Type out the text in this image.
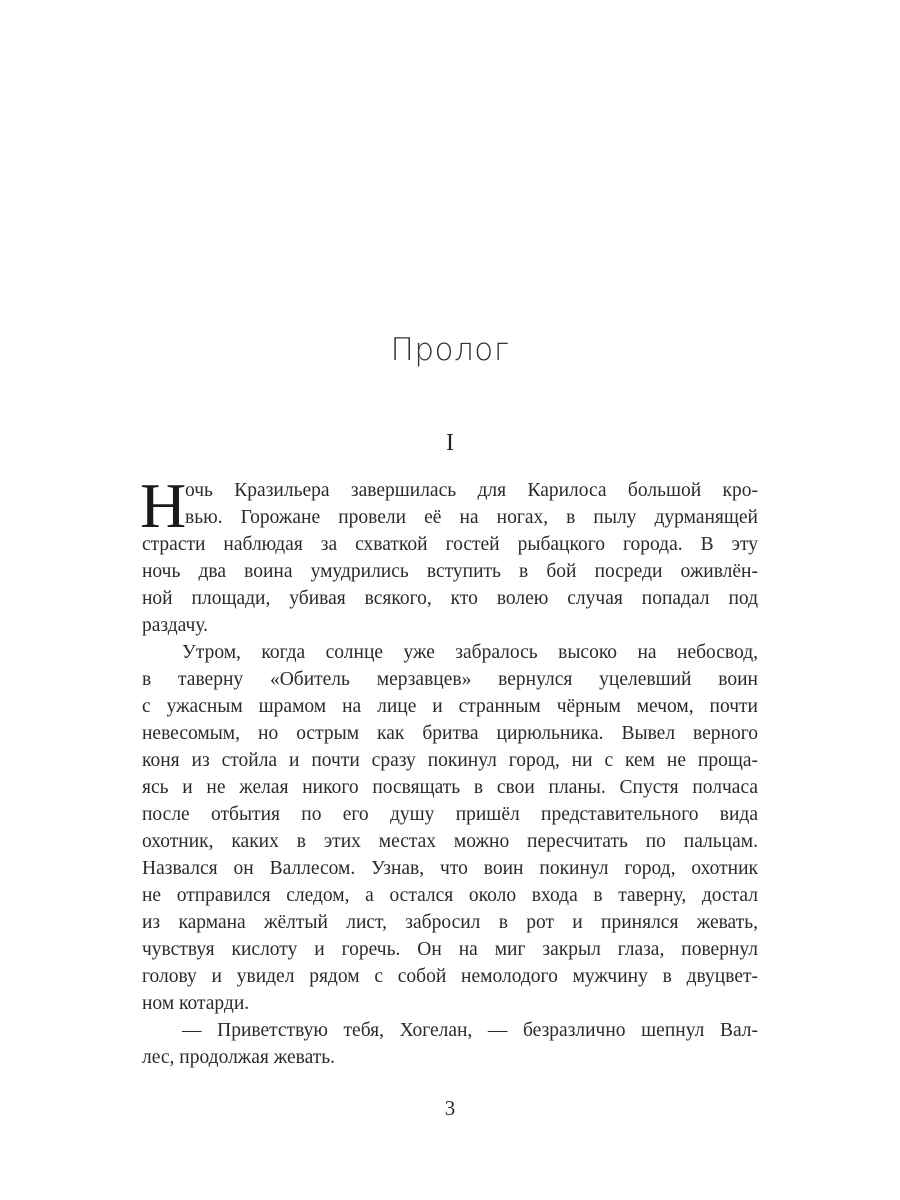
Пролог
I
Н
очь Кразильера завершилась для Карилоса большой кро-
вью. Горожане провели её на ногах, в пылу дурманящей
страсти наблюдая за схваткой гостей рыбацкого города. В эту
ночь два воина умудрились вступить в бой посреди оживлён-
ной площади, убивая всякого, кто волею случая попадал под
раздачу.
Утром, когда солнце уже забралось высоко на небосвод,
в таверну «Обитель мерзавцев» вернулся уцелевший воин
с ужасным шрамом на лице и странным чёрным мечом, почти
невесомым, но острым как бритва цирюльника. Вывел верного
коня из стойла и почти сразу покинул город, ни с кем не проща-
ясь и не желая никого посвящать в свои планы. Спустя полчаса
после отбытия по его душу пришёл представительного вида
охотник, каких в этих местах можно пересчитать по пальцам.
Назвался он Валлесом. Узнав, что воин покинул город, охотник
не отправился следом, а остался около входа в таверну, достал
из кармана жёлтый лист, забросил в рот и принялся жевать,
чувствуя кислоту и горечь. Он на миг закрыл глаза, повернул
голову и увидел рядом с собой немолодого мужчину в двуцвет-
ном котарди.
— Приветствую тебя, Хогелан, — безразлично шепнул Вал-
лес, продолжая жевать.
3
